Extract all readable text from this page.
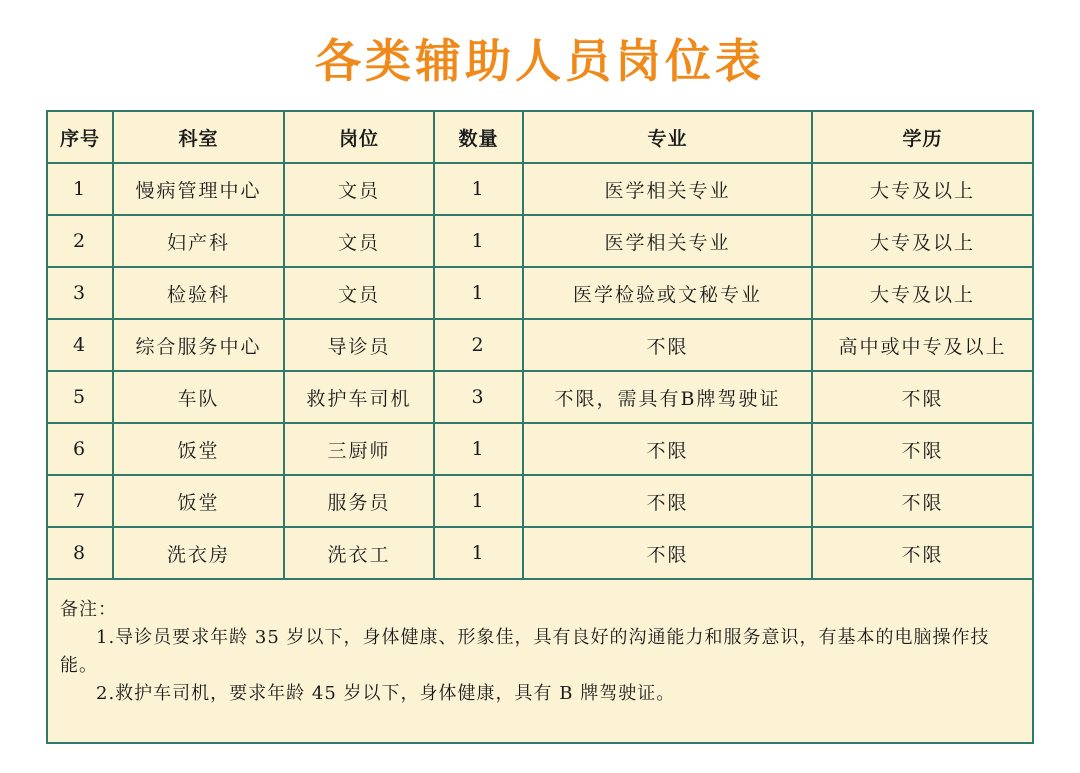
各类辅助人员岗位表
序号	科室	岗位	数量	专业	学历
1	慢病管理中心	文员	1	医学相关专业	大专及以上
2	妇产科	文员	1	医学相关专业	大专及以上
3	检验科	文员	1	医学检验或文秘专业	大专及以上
4	综合服务中心	导诊员	2	不限	高中或中专及以上
5	车队	救护车司机	3	不限，需具有B牌驾驶证	不限
6	饭堂	三厨师	1	不限	不限
7	饭堂	服务员	1	不限	不限
8	洗衣房	洗衣工	1	不限	不限

备注：
1.导诊员要求年龄 35 岁以下，身体健康、形象佳，具有良好的沟通能力和服务意识，有基本的电脑操作技能。
2.救护车司机，要求年龄 45 岁以下，身体健康，具有 B 牌驾驶证。					
